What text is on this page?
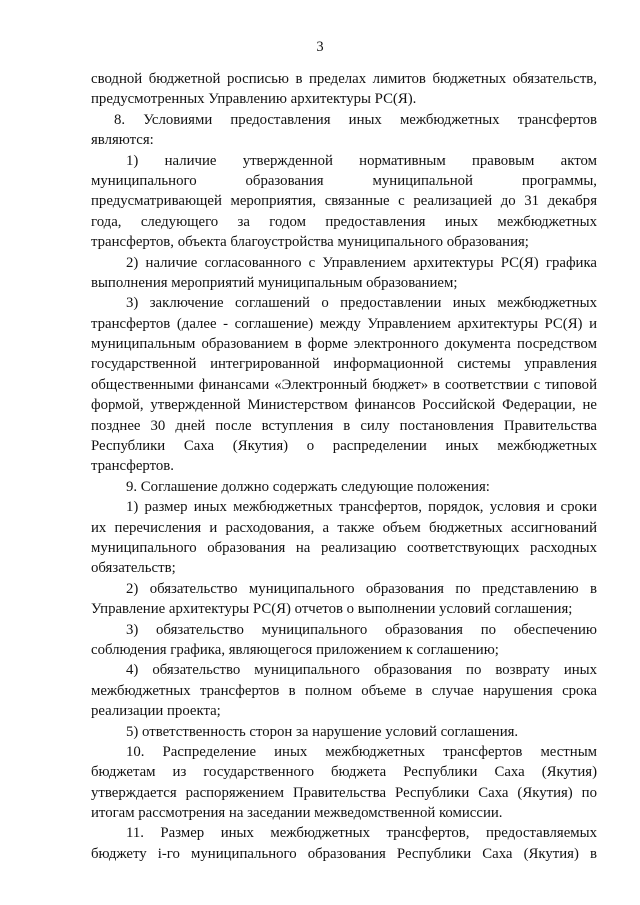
3
сводной бюджетной росписью в пределах лимитов бюджетных обязательств,
предусмотренных Управлению архитектуры РС(Я).
8. Условиями предоставления иных межбюджетных трансфертов
являются:
1) наличие утвержденной нормативным правовым актом
муниципального образования муниципальной программы,
предусматривающей мероприятия, связанные с реализацией до 31 декабря
года, следующего за годом предоставления иных межбюджетных
трансфертов, объекта благоустройства муниципального образования;
2) наличие согласованного с Управлением архитектуры РС(Я) графика
выполнения мероприятий муниципальным образованием;
3) заключение соглашений о предоставлении иных межбюджетных
трансфертов (далее - соглашение) между Управлением архитектуры РС(Я) и
муниципальным образованием в форме электронного документа посредством
государственной интегрированной информационной системы управления
общественными финансами «Электронный бюджет» в соответствии с типовой
формой, утвержденной Министерством финансов Российской Федерации, не
позднее 30 дней после вступления в силу постановления Правительства
Республики Саха (Якутия) о распределении иных межбюджетных
трансфертов.
9. Соглашение должно содержать следующие положения:
1) размер иных межбюджетных трансфертов, порядок, условия и сроки
их перечисления и расходования, а также объем бюджетных ассигнований
муниципального образования на реализацию соответствующих расходных
обязательств;
2) обязательство муниципального образования по представлению в
Управление архитектуры РС(Я) отчетов о выполнении условий соглашения;
3) обязательство муниципального образования по обеспечению
соблюдения графика, являющегося приложением к соглашению;
4) обязательство муниципального образования по возврату иных
межбюджетных трансфертов в полном объеме в случае нарушения срока
реализации проекта;
5) ответственность сторон за нарушение условий соглашения.
10. Распределение иных межбюджетных трансфертов местным
бюджетам из государственного бюджета Республики Саха (Якутия)
утверждается распоряжением Правительства Республики Саха (Якутия) по
итогам рассмотрения на заседании межведомственной комиссии.
11. Размер иных межбюджетных трансфертов, предоставляемых
бюджету i-го муниципального образования Республики Саха (Якутия) в
